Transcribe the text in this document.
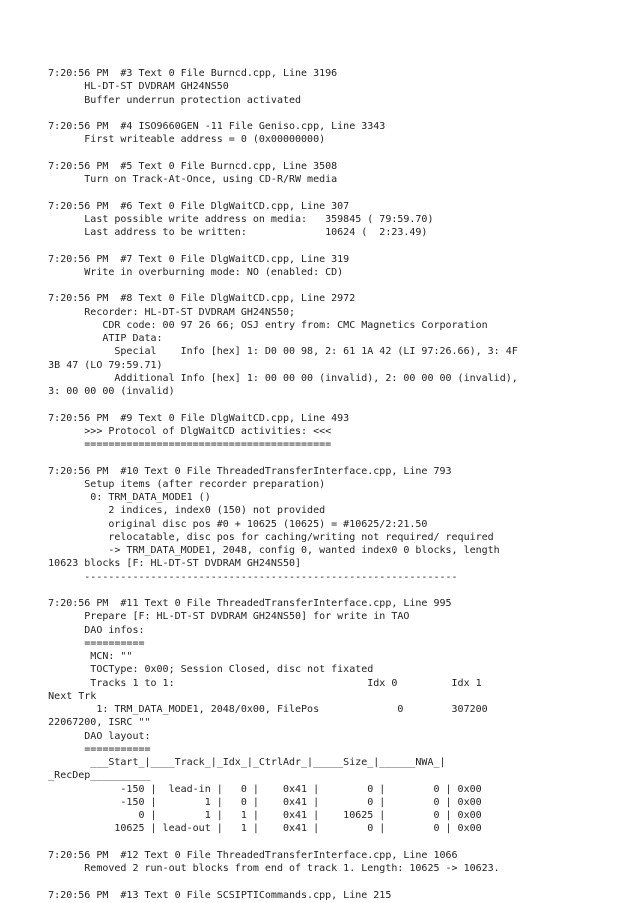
7:20:56 PM  #3 Text 0 File Burncd.cpp, Line 3196
HL-DT-ST DVDRAM GH24NS50
Buffer underrun protection activated
7:20:56 PM  #4 ISO9660GEN -11 File Geniso.cpp, Line 3343
First writeable address = 0 (0x00000000)
7:20:56 PM  #5 Text 0 File Burncd.cpp, Line 3508
Turn on Track-At-Once, using CD-R/RW media
7:20:56 PM  #6 Text 0 File DlgWaitCD.cpp, Line 307
Last possible write address on media:   359845 ( 79:59.70)
Last address to be written:             10624 (  2:23.49)
7:20:56 PM  #7 Text 0 File DlgWaitCD.cpp, Line 319
Write in overburning mode: NO (enabled: CD)
7:20:56 PM  #8 Text 0 File DlgWaitCD.cpp, Line 2972
Recorder: HL-DT-ST DVDRAM GH24NS50;
CDR code: 00 97 26 66; OSJ entry from: CMC Magnetics Corporation
ATIP Data:
Special    Info [hex] 1: D0 00 98, 2: 61 1A 42 (LI 97:26.66), 3: 4F
3B 47 (LO 79:59.71)
Additional Info [hex] 1: 00 00 00 (invalid), 2: 00 00 00 (invalid),
3: 00 00 00 (invalid)
7:20:56 PM  #9 Text 0 File DlgWaitCD.cpp, Line 493
>>> Protocol of DlgWaitCD activities: <<<
=========================================
7:20:56 PM  #10 Text 0 File ThreadedTransferInterface.cpp, Line 793
Setup items (after recorder preparation)
0: TRM_DATA_MODE1 ()
2 indices, index0 (150) not provided
original disc pos #0 + 10625 (10625) = #10625/2:21.50
relocatable, disc pos for caching/writing not required/ required
-> TRM_DATA_MODE1, 2048, config 0, wanted index0 0 blocks, length
10623 blocks [F: HL-DT-ST DVDRAM GH24NS50]
--------------------------------------------------------------
7:20:56 PM  #11 Text 0 File ThreadedTransferInterface.cpp, Line 995
Prepare [F: HL-DT-ST DVDRAM GH24NS50] for write in TAO
DAO infos:
==========
MCN: ""
TOCType: 0x00; Session Closed, disc not fixated
Tracks 1 to 1:                                Idx 0         Idx 1
Next Trk
1: TRM_DATA_MODE1, 2048/0x00, FilePos             0        307200
22067200, ISRC ""
DAO layout:
===========
___Start_|____Track_|_Idx_|_CtrlAdr_|_____Size_|______NWA_|
_RecDep__________
-150 |  lead-in |   0 |    0x41 |        0 |        0 | 0x00
-150 |        1 |   0 |    0x41 |        0 |        0 | 0x00
0 |        1 |   1 |    0x41 |    10625 |        0 | 0x00
10625 | lead-out |   1 |    0x41 |        0 |        0 | 0x00
7:20:56 PM  #12 Text 0 File ThreadedTransferInterface.cpp, Line 1066
Removed 2 run-out blocks from end of track 1. Length: 10625 -> 10623.
7:20:56 PM  #13 Text 0 File SCSIPTICommands.cpp, Line 215
